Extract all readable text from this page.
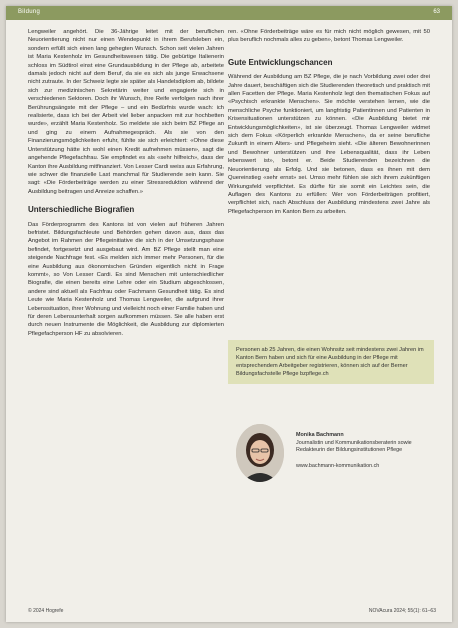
Bildung	63

Lengweiler angehört. Die 36-Jährige leitet mit der beruflichen Neuorientierung nicht nur einen Wendepunkt in ihrem Berufsleben ein, sondern erfüllt sich einen lang gehegten Wunsch. Schon seit vielen Jahren ist Maria Kestenholz im Gesundheitswesen tätig. Die gebürtige Italienerin schloss im Südtirol einst eine Grundausbildung in der Pflege ab, arbeitete damals jedoch nicht auf dem Beruf, da sie es sich als junge Erwachsene nicht zutraute. In der Schweiz legte sie später als Handelsdiplom ab, bildete sich zur medizinischen Sekretärin weiter und engagierte sich in verschiedenen Sektoren. Doch ihr Wunsch, ihre Reife verfolgen nach ihrer Berührungsängste mit der Pflege – und ein Bedürfnis wurde wach: ich realisierte, dass ich bei der Arbeit viel lieber anpacken mit zur hochbetten wurde», erzählt Maria Kestenholz. So meldete sie sich beim BZ Pflege an und ging zu einem Aufnahmegespräch. Als sie von den Finanzierungsmöglichkeiten erfuhr, fühlte sie sich erleichtert: «Ohne diese Unterstützung hätte ich wohl einen Kredit aufnehmen müssen», sagt die angehende Pflegefachfrau. Sie empfindet es als «sehr hilfreich», dass der Kanton ihre Ausbildung mitfinanziert. Von Lesser Cardi weiss aus Erfahrung, wie schwer die finanzielle Last manchmal für Studierende sein kann. Sie sagt: «Die Förderbeiträge werden zu einer Stressreduktion während der Ausbildung beitragen und Anreize schaffen.»

Unterschiedliche Biografien

Das Förderprogramm des Kantons ist von vielen auf früheren Jahren befristet. Bildungsfachleute und Behörden gehen davon aus, dass das Angebot im Rahmen der Pflegeinitiative die sich in der Umsetzungsphase befindet, fortgesetzt und ausgebaut wird. Am BZ Pflege stellt man eine steigende Nachfrage fest. «Es melden sich immer mehr Personen, für die eine Ausbildung aus ökonomischen Gründen eigentlich nicht in Frage kommt», so Von Lesser Cardi. Es sind Menschen mit unterschiedlicher Biografie, die einen bereits eine Lehre oder ein Studium abgeschlossen, andere sind aktuell als Fachfrau oder Fachmann Gesundheit tätig. Es sind Leute wie Maria Kestenholz und Thomas Lengweiler, die aufgrund ihrer Lebenssituation, ihrer Wohnung und vielleicht noch einer Familie haben und für deren Lebensunterhalt sorgen aufkommen müssen. Sie alle haben erst durch neuen Instrumente die Möglichkeit, die Ausbildung zur diplomierten Pflegefachperson HF zu absolvieren.

ren. «Ohne Förderbeiträge wäre es für mich nicht möglich gewesen, mit 50 plus beruflich nochmals alles zu geben», betont Thomas Lengweiler.

Gute Entwicklungschancen

Während der Ausbildung am BZ Pflege, die je nach Vorbildung zwei oder drei Jahre dauert, beschäftigen sich die Studierenden theoretisch und praktisch mit allen Facetten der Pflege. Maria Kestenholz legt den thematischen Fokus auf «Psychisch erkrankte Menschen». Sie möchte verstehen lernen, wie die menschliche Psyche funktioniert, um langfristig Patientinnen und Patienten in Krisensituationen unterstützen zu können. «Die Ausbildung bietet mir Entwicklungsmöglichkeiten», ist sie überzeugt. Thomas Lengweiler widmet sich dem Fokus «Körperlich erkrankte Menschen», da er seine berufliche Zukunft in einem Alters- und Pflegeheim sieht. «Die älteren Bewohnerinnen und Bewohner unterstützen und ihre Lebensqualität, dass ihr Leben lebenswert ist», betont er. Beide Studierenden bezeichnen die Neuorientierung als Erfolg. Und sie betonen, dass es ihnen mit dem Quereinstieg «sehr ernst» sei. Umso mehr fühlen sie sich ihrem zukünftigen Wirkungsfeld verpflichtet. Es dürfte für sie somit ein Leichtes sein, die Auflagen des Kantons zu erfüllen: Wer von Förderbeiträgen profitiert, verpflichtet sich, nach Abschluss der Ausbildung mindestens zwei Jahre als Pflegefachperson im Kanton Bern zu arbeiten.

Personen ab 25 Jahren, die einen Wohnsitz seit mindestens zwei Jahren im Kanton Bern haben und sich für eine Ausbildung in der Pflege mit entsprechendem Arbeitgeber registrieren, können sich auf der Berner Bildungsfachstelle Pflege bzpflege.ch
Monika Bachmann
Journalistin und Kommunikationsberaterin sowie Redakteurin der Bildungsinstitutionen Pflege
www.bachmann-kommunikation.ch
© 2024 Hogrefe	NOVAcura 2024; 55(1): 61–63
